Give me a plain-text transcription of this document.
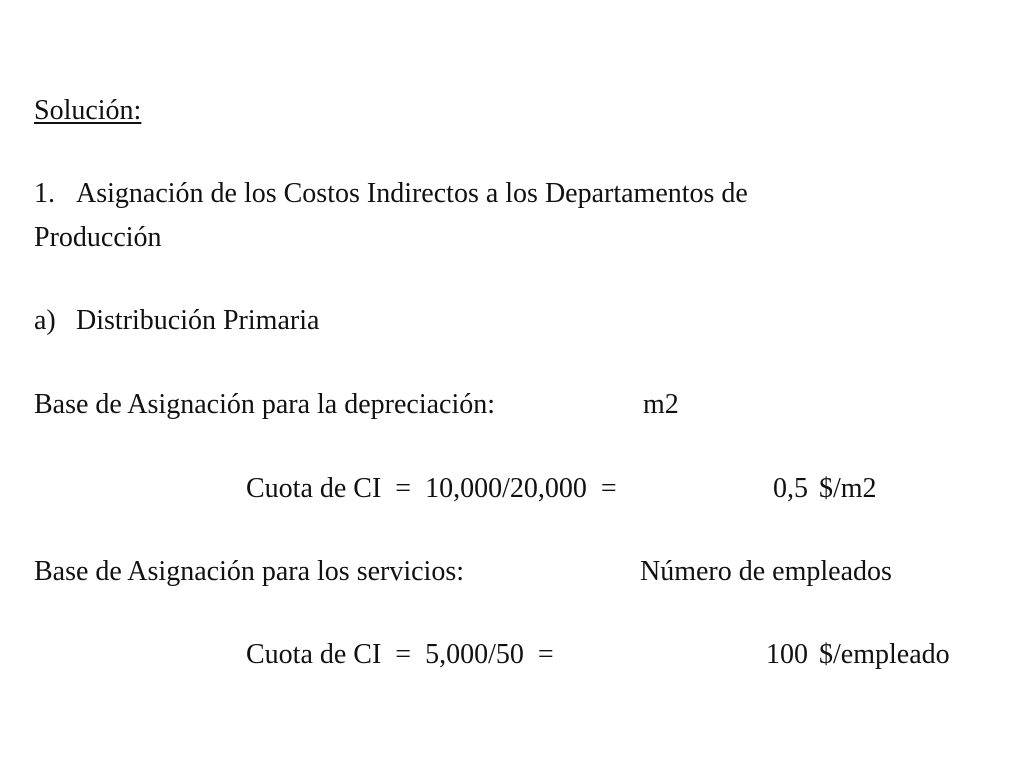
Solución:
1. Asignación de los Costos Indirectos a los Departamentos de
Producción
a) Distribución Primaria
Base de Asignación para la depreciación:	m2
Cuota de CI  =  10,000/20,000  =	0,5 $/m2
Base de Asignación para los servicios:	Número de empleados
Cuota de CI  =  5,000/50  =	100 $/empleado
